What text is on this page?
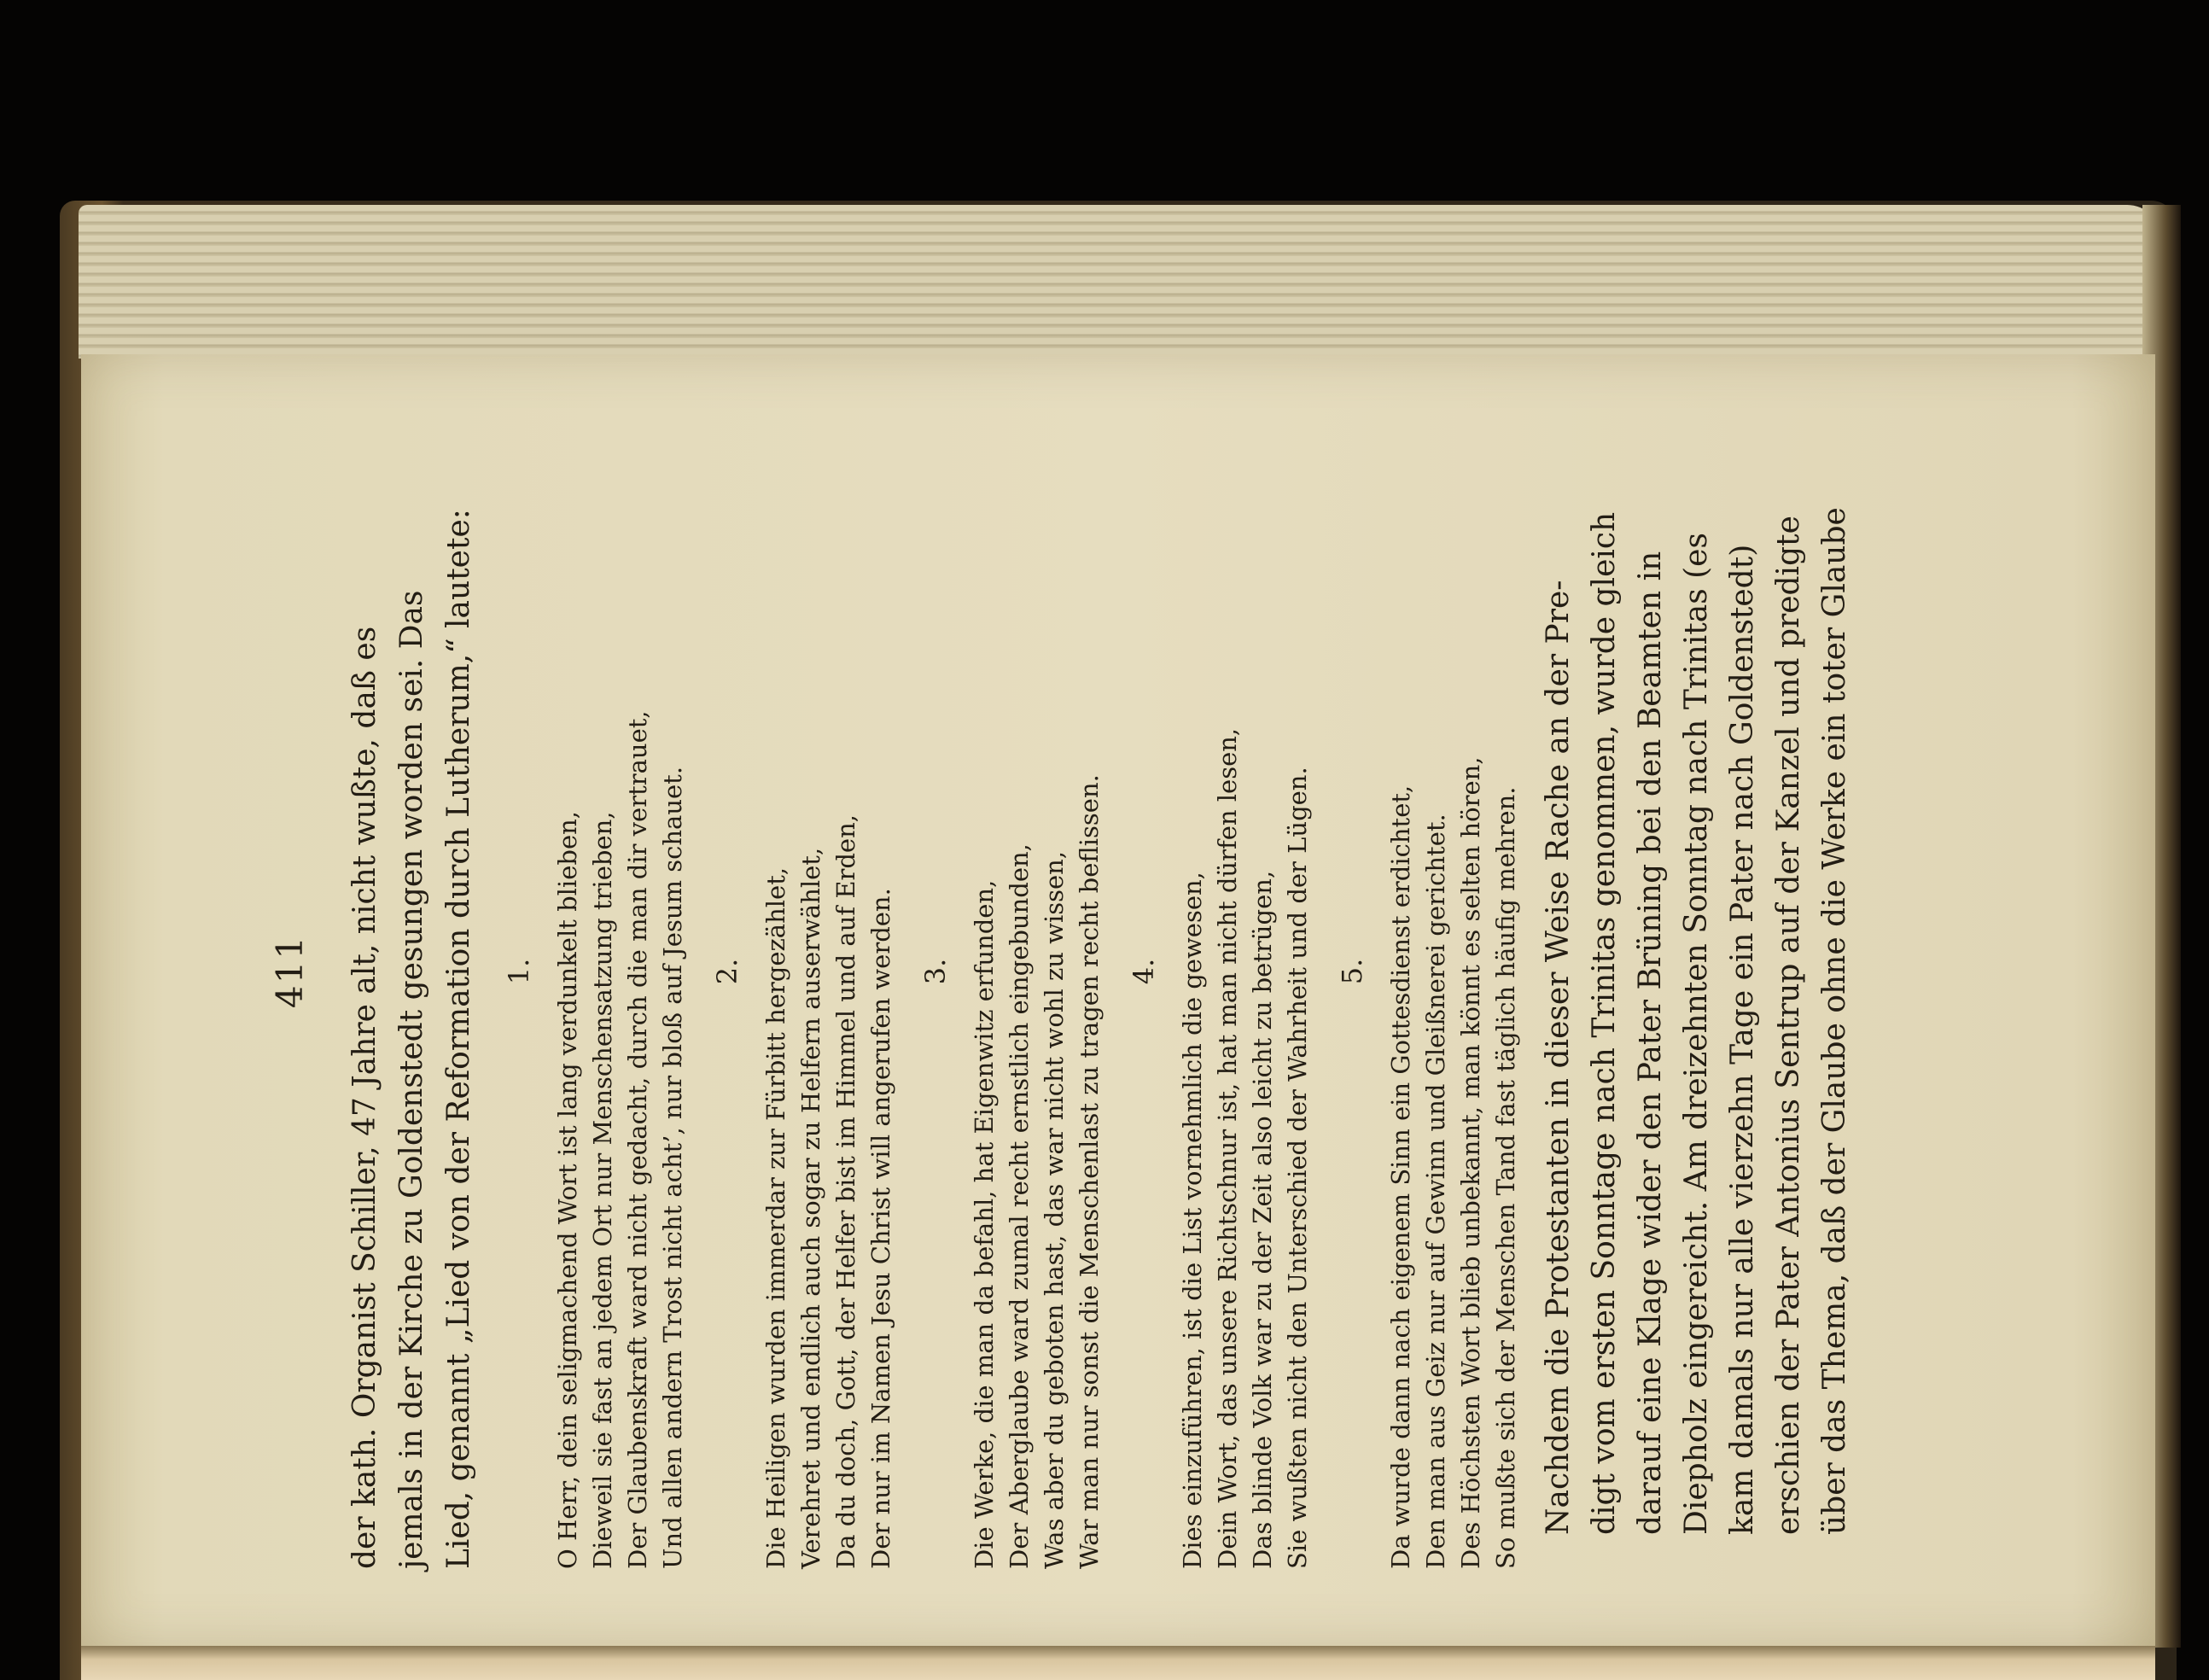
411 der kath. Organist Schiller, 47 Jahre alt, nicht wußte, daß es jemals in der Kirche zu Goldenstedt gesungen worden sei. Das Lied, genannt „Lied von der Reformation durch Lutherum,“ lautete: 1. O Herr, dein seligmachend Wort ist lang verdunkelt blieben, Dieweil sie fast an jedem Ort nur Menschensatzung trieben, Der Glaubenskraft ward nicht gedacht, durch die man dir vertrauet, Und allen andern Trost nicht acht’, nur bloß auf Jesum schauet. 2. Die Heiligen wurden immerdar zur Fürbitt hergezählet, Verehret und endlich auch sogar zu Helfern auserwählet, Da du doch, Gott, der Helfer bist im Himmel und auf Erden, Der nur im Namen Jesu Christ will angerufen werden. 3. Die Werke, die man da befahl, hat Eigenwitz erfunden, Der Aberglaube ward zumal recht ernstlich eingebunden, Was aber du geboten hast, das war nicht wohl zu wissen, War man nur sonst die Menschenlast zu tragen recht beflissen. 4. Dies einzuführen, ist die List vornehmlich die gewesen, Dein Wort, das unsere Richtschnur ist, hat man nicht dürfen lesen, Das blinde Volk war zu der Zeit also leicht zu betrügen, Sie wußten nicht den Unterschied der Wahrheit und der Lügen. 5. Da wurde dann nach eigenem Sinn ein Gottesdienst erdichtet, Den man aus Geiz nur auf Gewinn und Gleißnerei gerichtet. Des Höchsten Wort blieb unbekannt, man könnt es selten hören, So mußte sich der Menschen Tand fast täglich häufig mehren. Nachdem die Protestanten in dieser Weise Rache an der Pre- digt vom ersten Sonntage nach Trinitas genommen, wurde gleich darauf eine Klage wider den Pater Brüning bei den Beamten in Diepholz eingereicht. Am dreizehnten Sonntag nach Trinitas (es kam damals nur alle vierzehn Tage ein Pater nach Goldenstedt) erschien der Pater Antonius Sentrup auf der Kanzel und predigte über das Thema, daß der Glaube ohne die Werke ein toter Glaube
